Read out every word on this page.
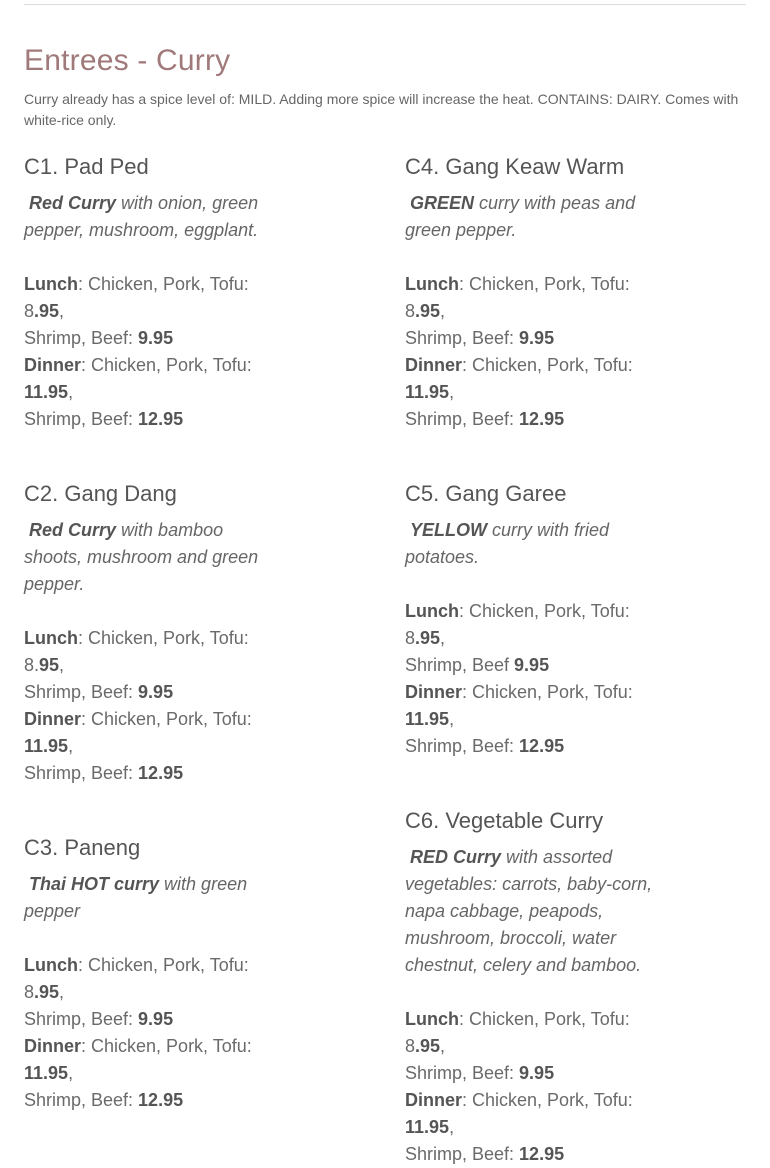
Entrees - Curry

Curry already has a spice level of: MILD. Adding more spice will increase the heat. CONTAINS: DAIRY. Comes with white-rice only.

C1. Pad Ped

Red Curry with onion, green pepper, mushroom, eggplant.

Lunch: Chicken, Pork, Tofu: 8.95,
Shrimp, Beef: 9.95
Dinner: Chicken, Pork, Tofu: 11.95,
Shrimp, Beef: 12.95

C2. Gang Dang

Red Curry with bamboo shoots, mushroom and green pepper.

Lunch: Chicken, Pork, Tofu: 8.95,
Shrimp, Beef: 9.95
Dinner: Chicken, Pork, Tofu: 11.95,
Shrimp, Beef: 12.95

C3. Paneng

Thai HOT curry with green pepper

Lunch: Chicken, Pork, Tofu: 8.95,
Shrimp, Beef: 9.95
Dinner: Chicken, Pork, Tofu: 11.95,
Shrimp, Beef: 12.95

C4. Gang Keaw Warm

GREEN curry with peas and green pepper.

Lunch: Chicken, Pork, Tofu: 8.95,
Shrimp, Beef: 9.95
Dinner: Chicken, Pork, Tofu: 11.95,
Shrimp, Beef: 12.95

C5. Gang Garee

YELLOW curry with fried potatoes.

Lunch: Chicken, Pork, Tofu: 8.95,
Shrimp, Beef 9.95
Dinner: Chicken, Pork, Tofu: 11.95,
Shrimp, Beef: 12.95

C6. Vegetable Curry

RED Curry with assorted vegetables: carrots, baby-corn, napa cabbage, peapods, mushroom, broccoli, water chestnut, celery and bamboo.

Lunch: Chicken, Pork, Tofu: 8.95,
Shrimp, Beef: 9.95
Dinner: Chicken, Pork, Tofu: 11.95,
Shrimp, Beef: 12.95
